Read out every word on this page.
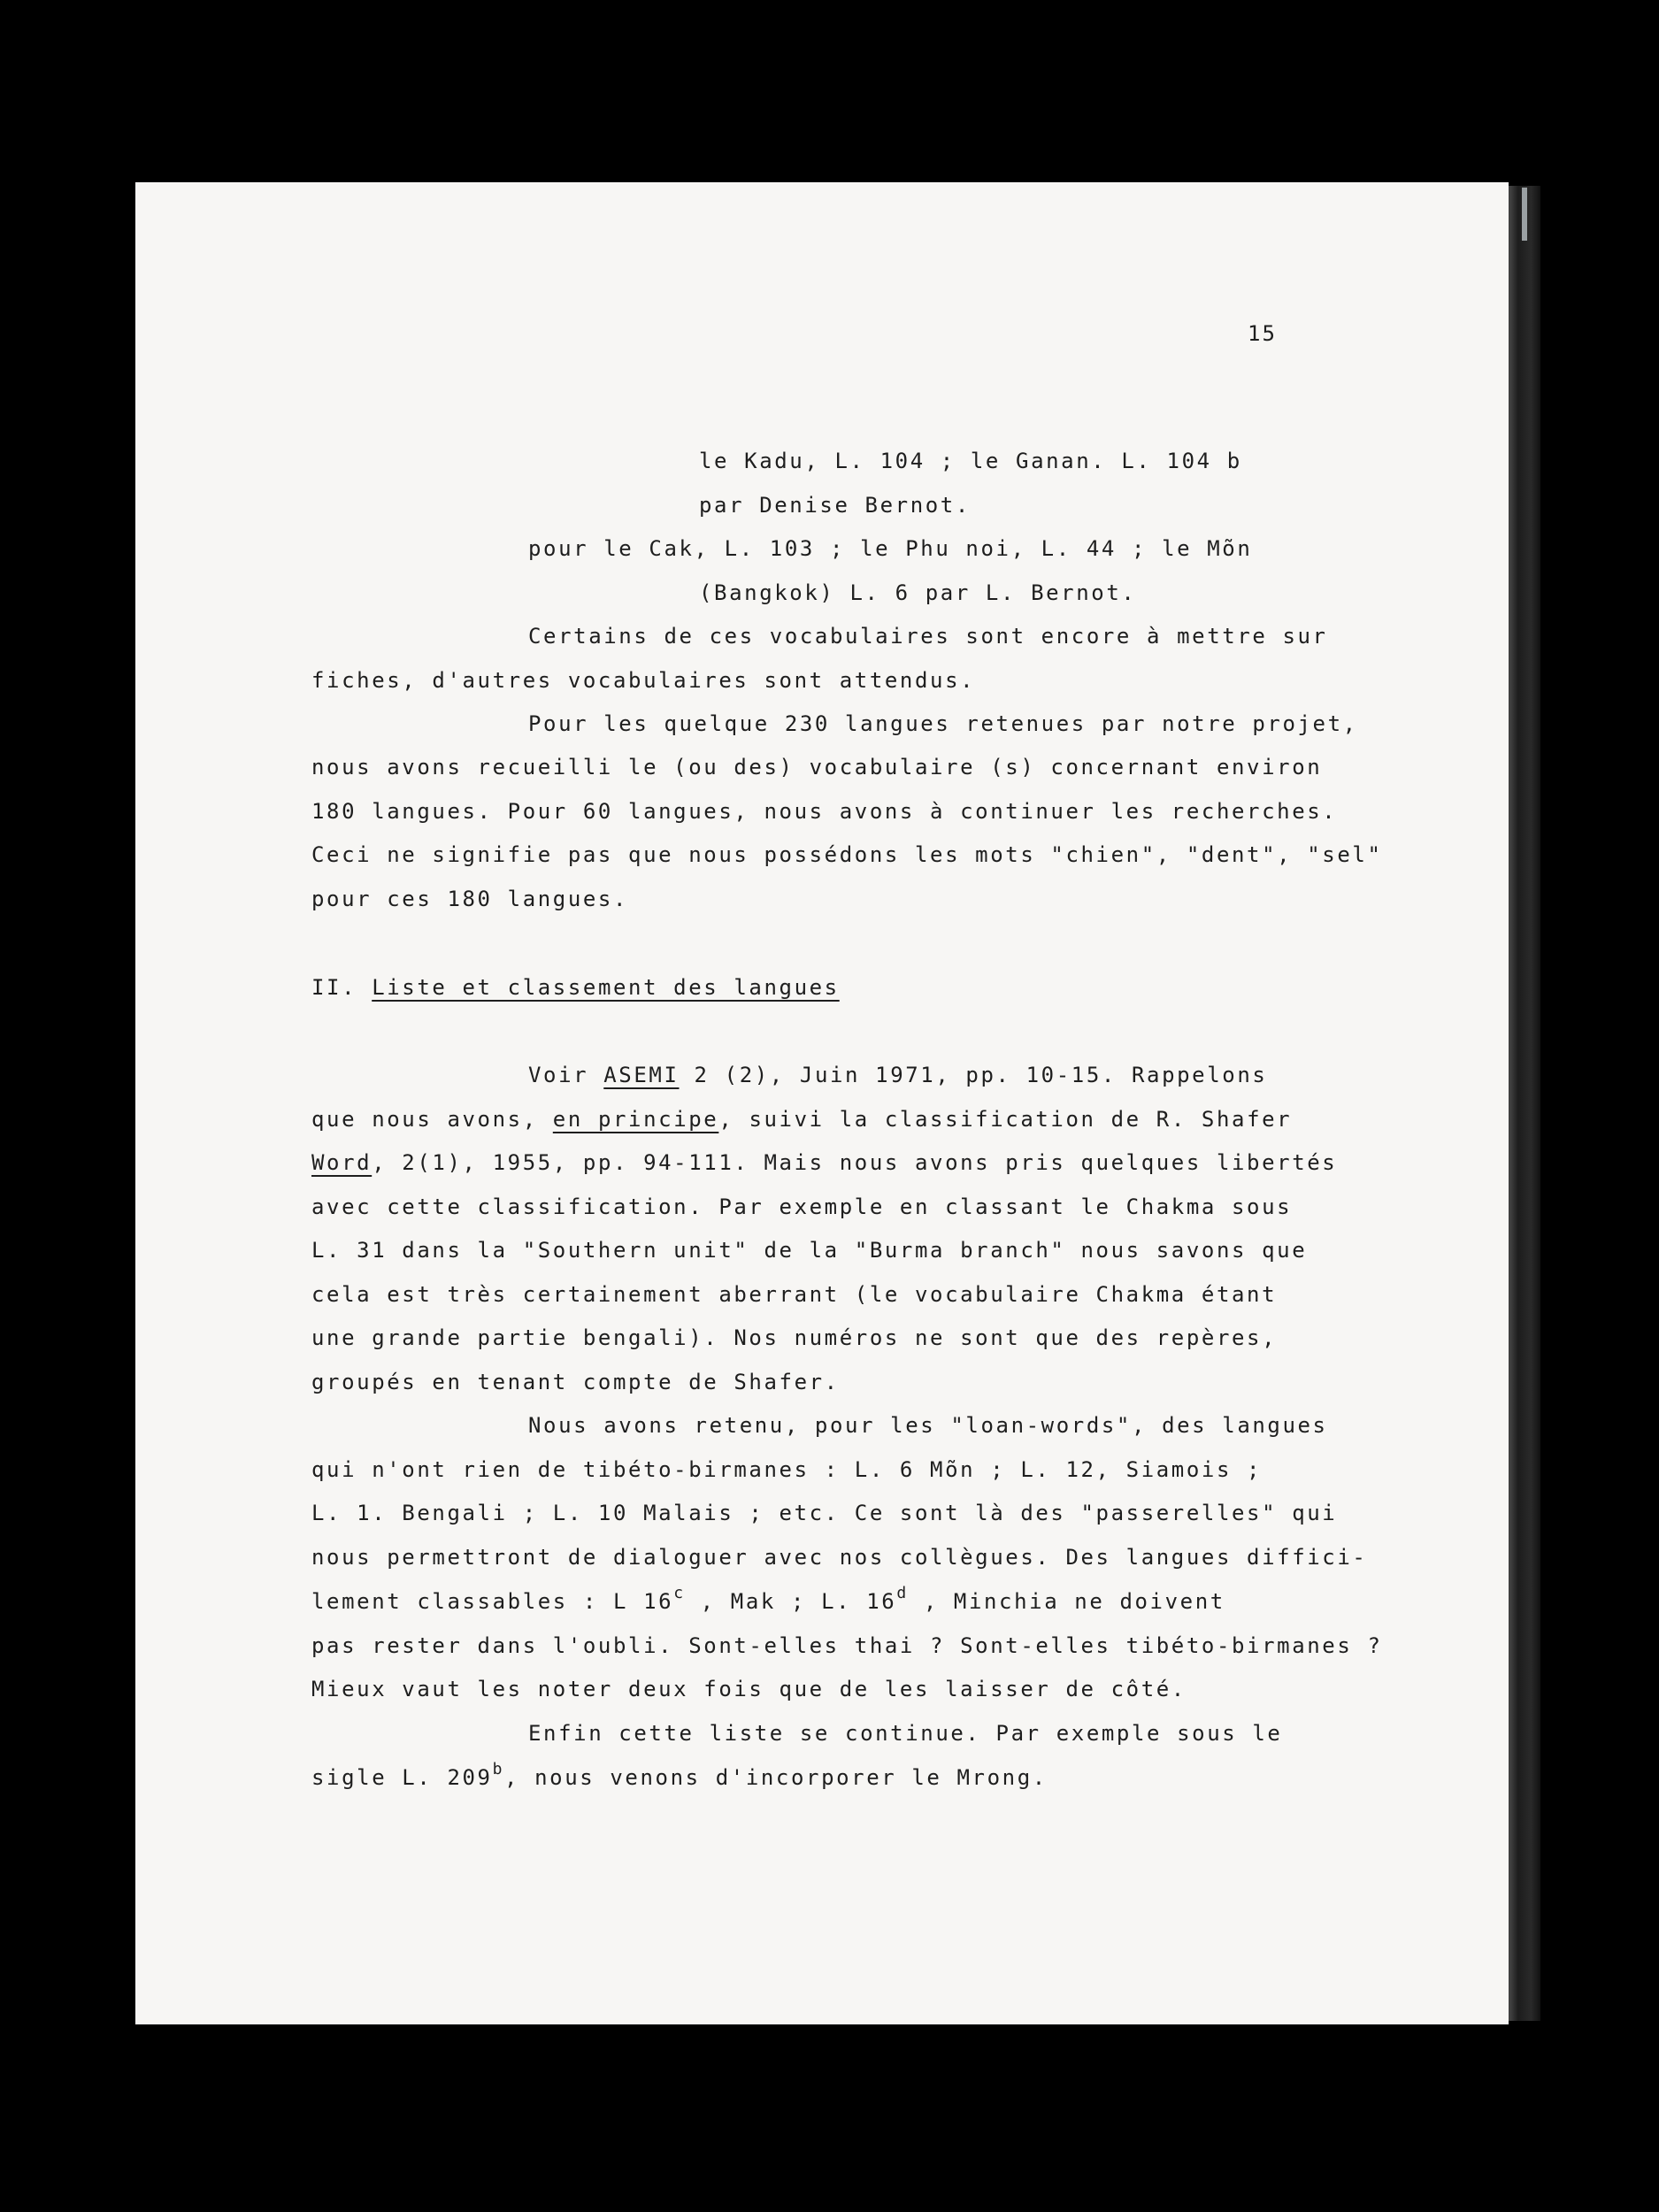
15
le Kadu, L. 104 ; le Ganan. L. 104 b
par Denise Bernot.
pour le Cak, L. 103 ; le Phu noi, L. 44 ; le Mõn
(Bangkok) L. 6 par L. Bernot.
Certains de ces vocabulaires sont encore à mettre sur
fiches, d'autres vocabulaires sont attendus.
Pour les quelque 230 langues retenues par notre projet,
nous avons recueilli le (ou des) vocabulaire (s) concernant environ
180 langues. Pour 60 langues, nous avons à continuer les recherches.
Ceci ne signifie pas que nous possédons les mots "chien", "dent", "sel"
pour ces 180 langues.
II. Liste et classement des langues
Voir ASEMI 2 (2), Juin 1971, pp. 10-15. Rappelons
que nous avons, en principe, suivi la classification de R. Shafer
Word, 2(1), 1955, pp. 94-111. Mais nous avons pris quelques libertés
avec cette classification. Par exemple en classant le Chakma sous
L. 31 dans la "Southern unit" de la "Burma branch" nous savons que
cela est très certainement aberrant (le vocabulaire Chakma étant
une grande partie bengali). Nos numéros ne sont que des repères,
groupés en tenant compte de Shafer.
Nous avons retenu, pour les "loan-words", des langues
qui n'ont rien de tibéto-birmanes : L. 6 Mõn ; L. 12, Siamois ;
L. 1. Bengali ; L. 10 Malais ; etc. Ce sont là des "passerelles" qui
nous permettront de dialoguer avec nos collègues. Des langues diffici-
lement classables : L 16$^c$ , Mak ; L. 16$^d$ , Minchia ne doivent
pas rester dans l'oubli. Sont-elles thai ? Sont-elles tibéto-birmanes ?
Mieux vaut les noter deux fois que de les laisser de côté.
Enfin cette liste se continue. Par exemple sous le
sigle L. 209$^b$, nous venons d'incorporer le Mrong.
